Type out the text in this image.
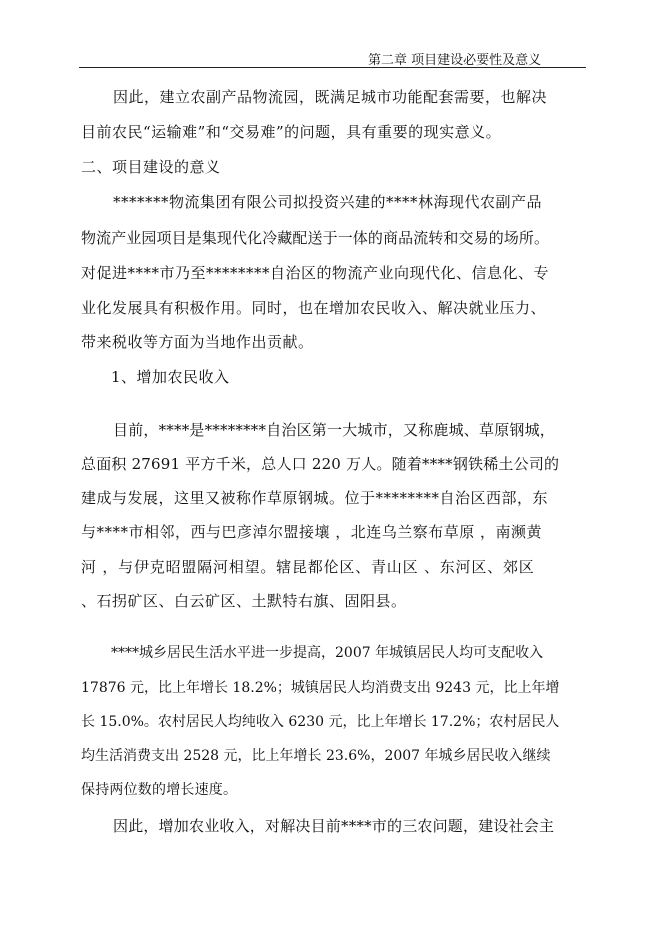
第二章 项目建设必要性及意义
因此，建立农副产品物流园，既满足城市功能配套需要，也解决
目前农民“运输难”和“交易难”的问题，具有重要的现实意义。
二、项目建设的意义
*******物流集团有限公司拟投资兴建的****林海现代农副产品
物流产业园项目是集现代化冷藏配送于一体的商品流转和交易的场所。
对促进****市乃至********自治区的物流产业向现代化、信息化、专
业化发展具有积极作用。同时，也在增加农民收入、解决就业压力、
带来税收等方面为当地作出贡献。
1、增加农民收入
目前，****是********自治区第一大城市，又称鹿城、草原钢城，
总面积 27691 平方千米，总人口 220 万人。随着****钢铁稀土公司的
建成与发展，这里又被称作草原钢城。位于********自治区西部，东
与****市相邻，西与巴彦淖尔盟接壤 ，北连乌兰察布草原 ，南濒黄
河 ，与伊克昭盟隔河相望。辖昆都伦区、青山区 、东河区、郊区
、石拐矿区、白云矿区、土默特右旗、固阳县。
****城乡居民生活水平进一步提高，2007 年城镇居民人均可支配收入
17876 元，比上年增长 18.2%；城镇居民人均消费支出 9243 元，比上年增
长 15.0%。农村居民人均纯收入 6230 元，比上年增长 17.2%；农村居民人
均生活消费支出 2528 元，比上年增长 23.6%，2007 年城乡居民收入继续
保持两位数的增长速度。
因此，增加农业收入，对解决目前****市的三农问题，建设社会主
